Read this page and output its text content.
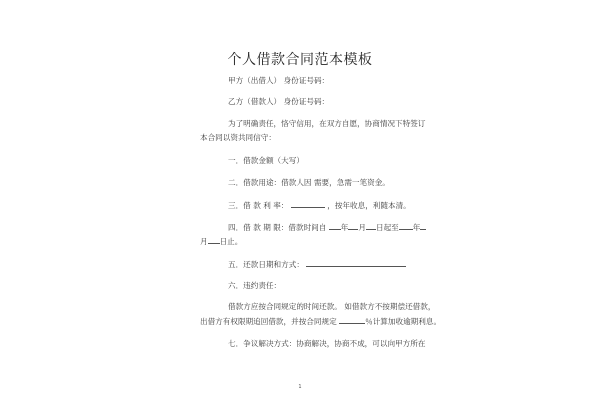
个人借款合同范本模板
甲方（出借人） 身份证号码：
乙方（借款人） 身份证号码：
为了明确责任，恪守信用，在双方自愿，协商情况下特签订
本合同以资共同信守：
一．借款金额（大写）
二．借款用途：借款人因 需要，急需一笔资金。
三．借 款 利 率：	，按年收息，利随本清。
四．借 款 期 限：借款时间自 年 月 日起至 年
月 日止。
五．还款日期和方式：
六．违约责任：
借款方应按合同规定的时间还款。 如借款方不按期偿还借款，
出借方有权限期追回借款，并按合同规定	％计算加收逾期利息。
七．争议解决方式：协商解决，协商不成，可以向甲方所在
1
